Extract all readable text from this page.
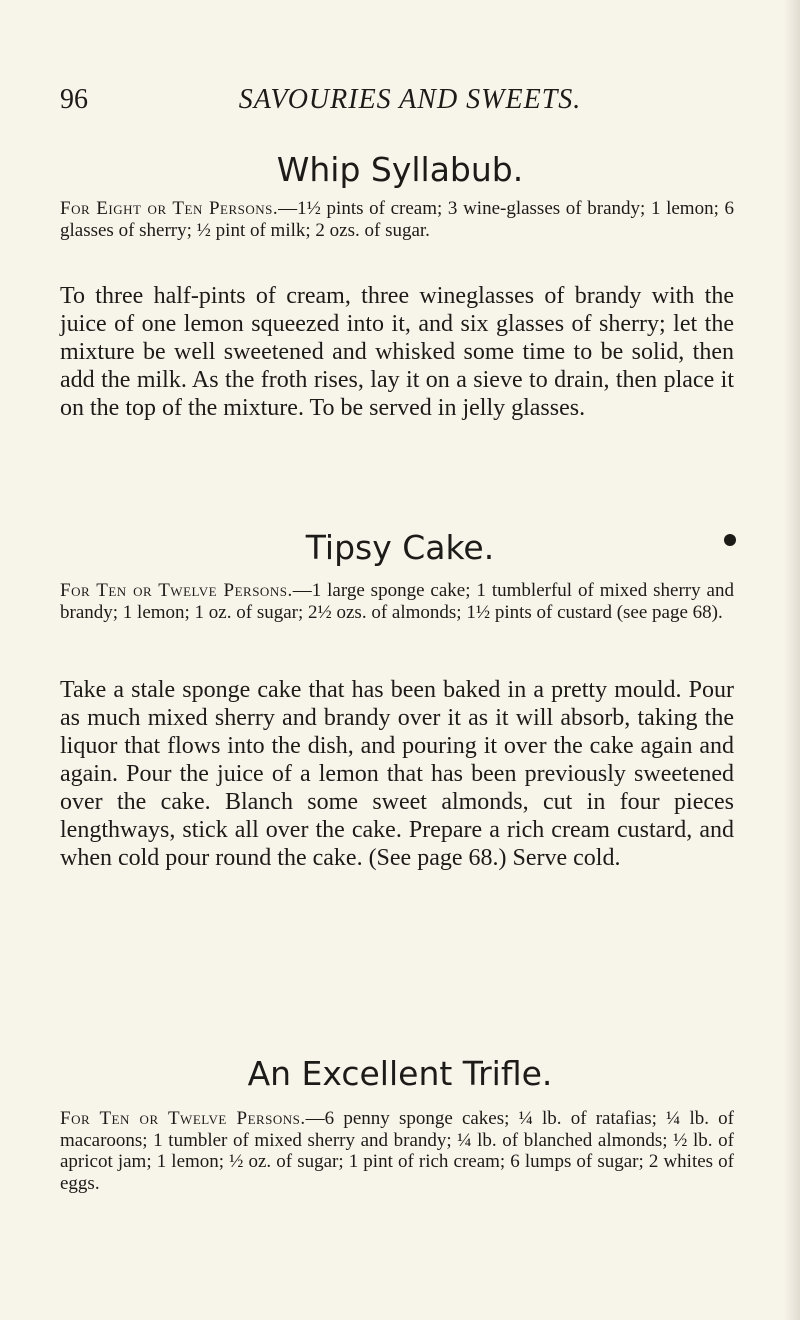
96	SAVOURIES AND SWEETS.
Whip Syllabub.

For Eight or Ten Persons.—1½ pints of cream; 3 wine-glasses of brandy; 1 lemon; 6 glasses of sherry; ½ pint of milk; 2 ozs. of sugar.

To three half-pints of cream, three wineglasses of brandy with the juice of one lemon squeezed into it, and six glasses of sherry; let the mixture be well sweetened and whisked some time to be solid, then add the milk. As the froth rises, lay it on a sieve to drain, then place it on the top of the mixture. To be served in jelly glasses.

Tipsy Cake.

For Ten or Twelve Persons.—1 large sponge cake; 1 tumblerful of mixed sherry and brandy; 1 lemon; 1 oz. of sugar; 2½ ozs. of almonds; 1½ pints of custard (see page 68).

Take a stale sponge cake that has been baked in a pretty mould. Pour as much mixed sherry and brandy over it as it will absorb, taking the liquor that flows into the dish, and pouring it over the cake again and again. Pour the juice of a lemon that has been previously sweetened over the cake. Blanch some sweet almonds, cut in four pieces lengthways, stick all over the cake. Prepare a rich cream custard, and when cold pour round the cake. (See page 68.) Serve cold.

An Excellent Trifle.

For Ten or Twelve Persons.—6 penny sponge cakes; ¼ lb. of ratafias; ¼ lb. of macaroons; 1 tumbler of mixed sherry and brandy; ¼ lb. of blanched almonds; ½ lb. of apricot jam; 1 lemon; ½ oz. of sugar; 1 pint of rich cream; 6 lumps of sugar; 2 whites of eggs.
